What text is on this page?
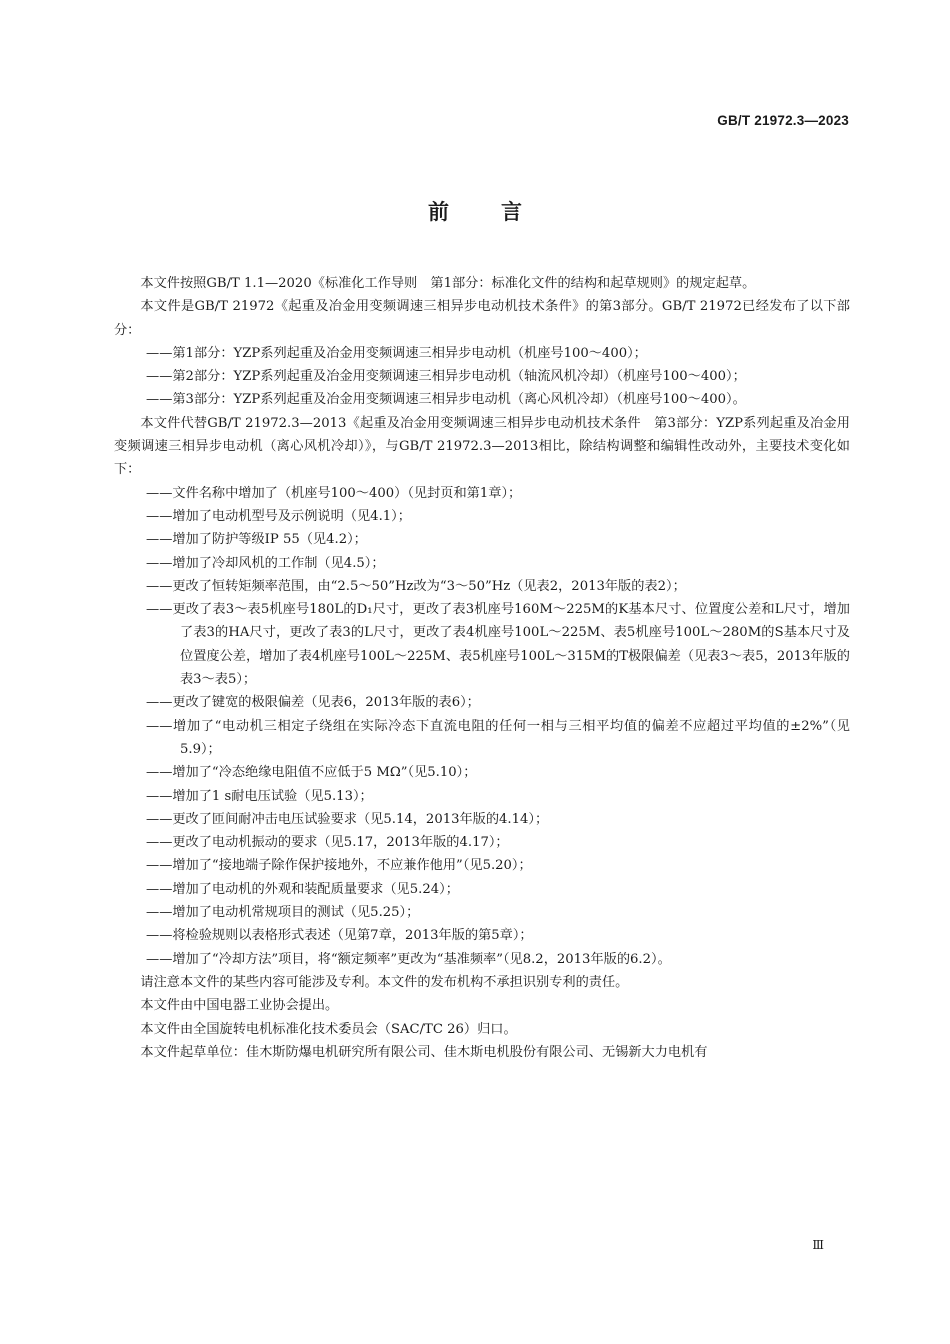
GB/T 21972.3—2023
前言

本文件按照GB/T 1.1—2020《标准化工作导则　第1部分：标准化文件的结构和起草规则》的规定起草。

本文件是GB/T 21972《起重及冶金用变频调速三相异步电动机技术条件》的第3部分。GB/T 21972已经发布了以下部分：

——第1部分：YZP系列起重及冶金用变频调速三相异步电动机（机座号100～400）；

——第2部分：YZP系列起重及冶金用变频调速三相异步电动机（轴流风机冷却）（机座号100～400）；

——第3部分：YZP系列起重及冶金用变频调速三相异步电动机（离心风机冷却）（机座号100～400）。

本文件代替GB/T 21972.3—2013《起重及冶金用变频调速三相异步电动机技术条件　第3部分：YZP系列起重及冶金用变频调速三相异步电动机（离心风机冷却）》，与GB/T 21972.3—2013相比，除结构调整和编辑性改动外，主要技术变化如下：

——文件名称中增加了（机座号100～400）（见封页和第1章）；

——增加了电动机型号及示例说明（见4.1）；

——增加了防护等级IP 55（见4.2）；

——增加了冷却风机的工作制（见4.5）；

——更改了恒转矩频率范围，由“2.5～50”Hz改为“3～50”Hz（见表2，2013年版的表2）；

——更改了表3～表5机座号180L的D₁尺寸，更改了表3机座号160M～225M的K基本尺寸、位置度公差和L尺寸，增加了表3的HA尺寸，更改了表3的L尺寸，更改了表4机座号100L～225M、表5机座号100L～280M的S基本尺寸及位置度公差，增加了表4机座号100L～225M、表5机座号100L～315M的T极限偏差（见表3～表5，2013年版的表3～表5）；

——更改了键宽的极限偏差（见表6，2013年版的表6）；

——增加了“电动机三相定子绕组在实际冷态下直流电阻的任何一相与三相平均值的偏差不应超过平均值的±2%”（见5.9）；

——增加了“冷态绝缘电阻值不应低于5 MΩ”（见5.10）；

——增加了1 s耐电压试验（见5.13）；

——更改了匝间耐冲击电压试验要求（见5.14，2013年版的4.14）；

——更改了电动机振动的要求（见5.17，2013年版的4.17）；

——增加了“接地端子除作保护接地外，不应兼作他用”（见5.20）；

——增加了电动机的外观和装配质量要求（见5.24）；

——增加了电动机常规项目的测试（见5.25）；

——将检验规则以表格形式表述（见第7章，2013年版的第5章）；

——增加了“冷却方法”项目，将“额定频率”更改为“基准频率”（见8.2，2013年版的6.2）。

请注意本文件的某些内容可能涉及专利。本文件的发布机构不承担识别专利的责任。

本文件由中国电器工业协会提出。

本文件由全国旋转电机标准化技术委员会（SAC/TC 26）归口。

本文件起草单位：佳木斯防爆电机研究所有限公司、佳木斯电机股份有限公司、无锡新大力电机有

Ⅲ
